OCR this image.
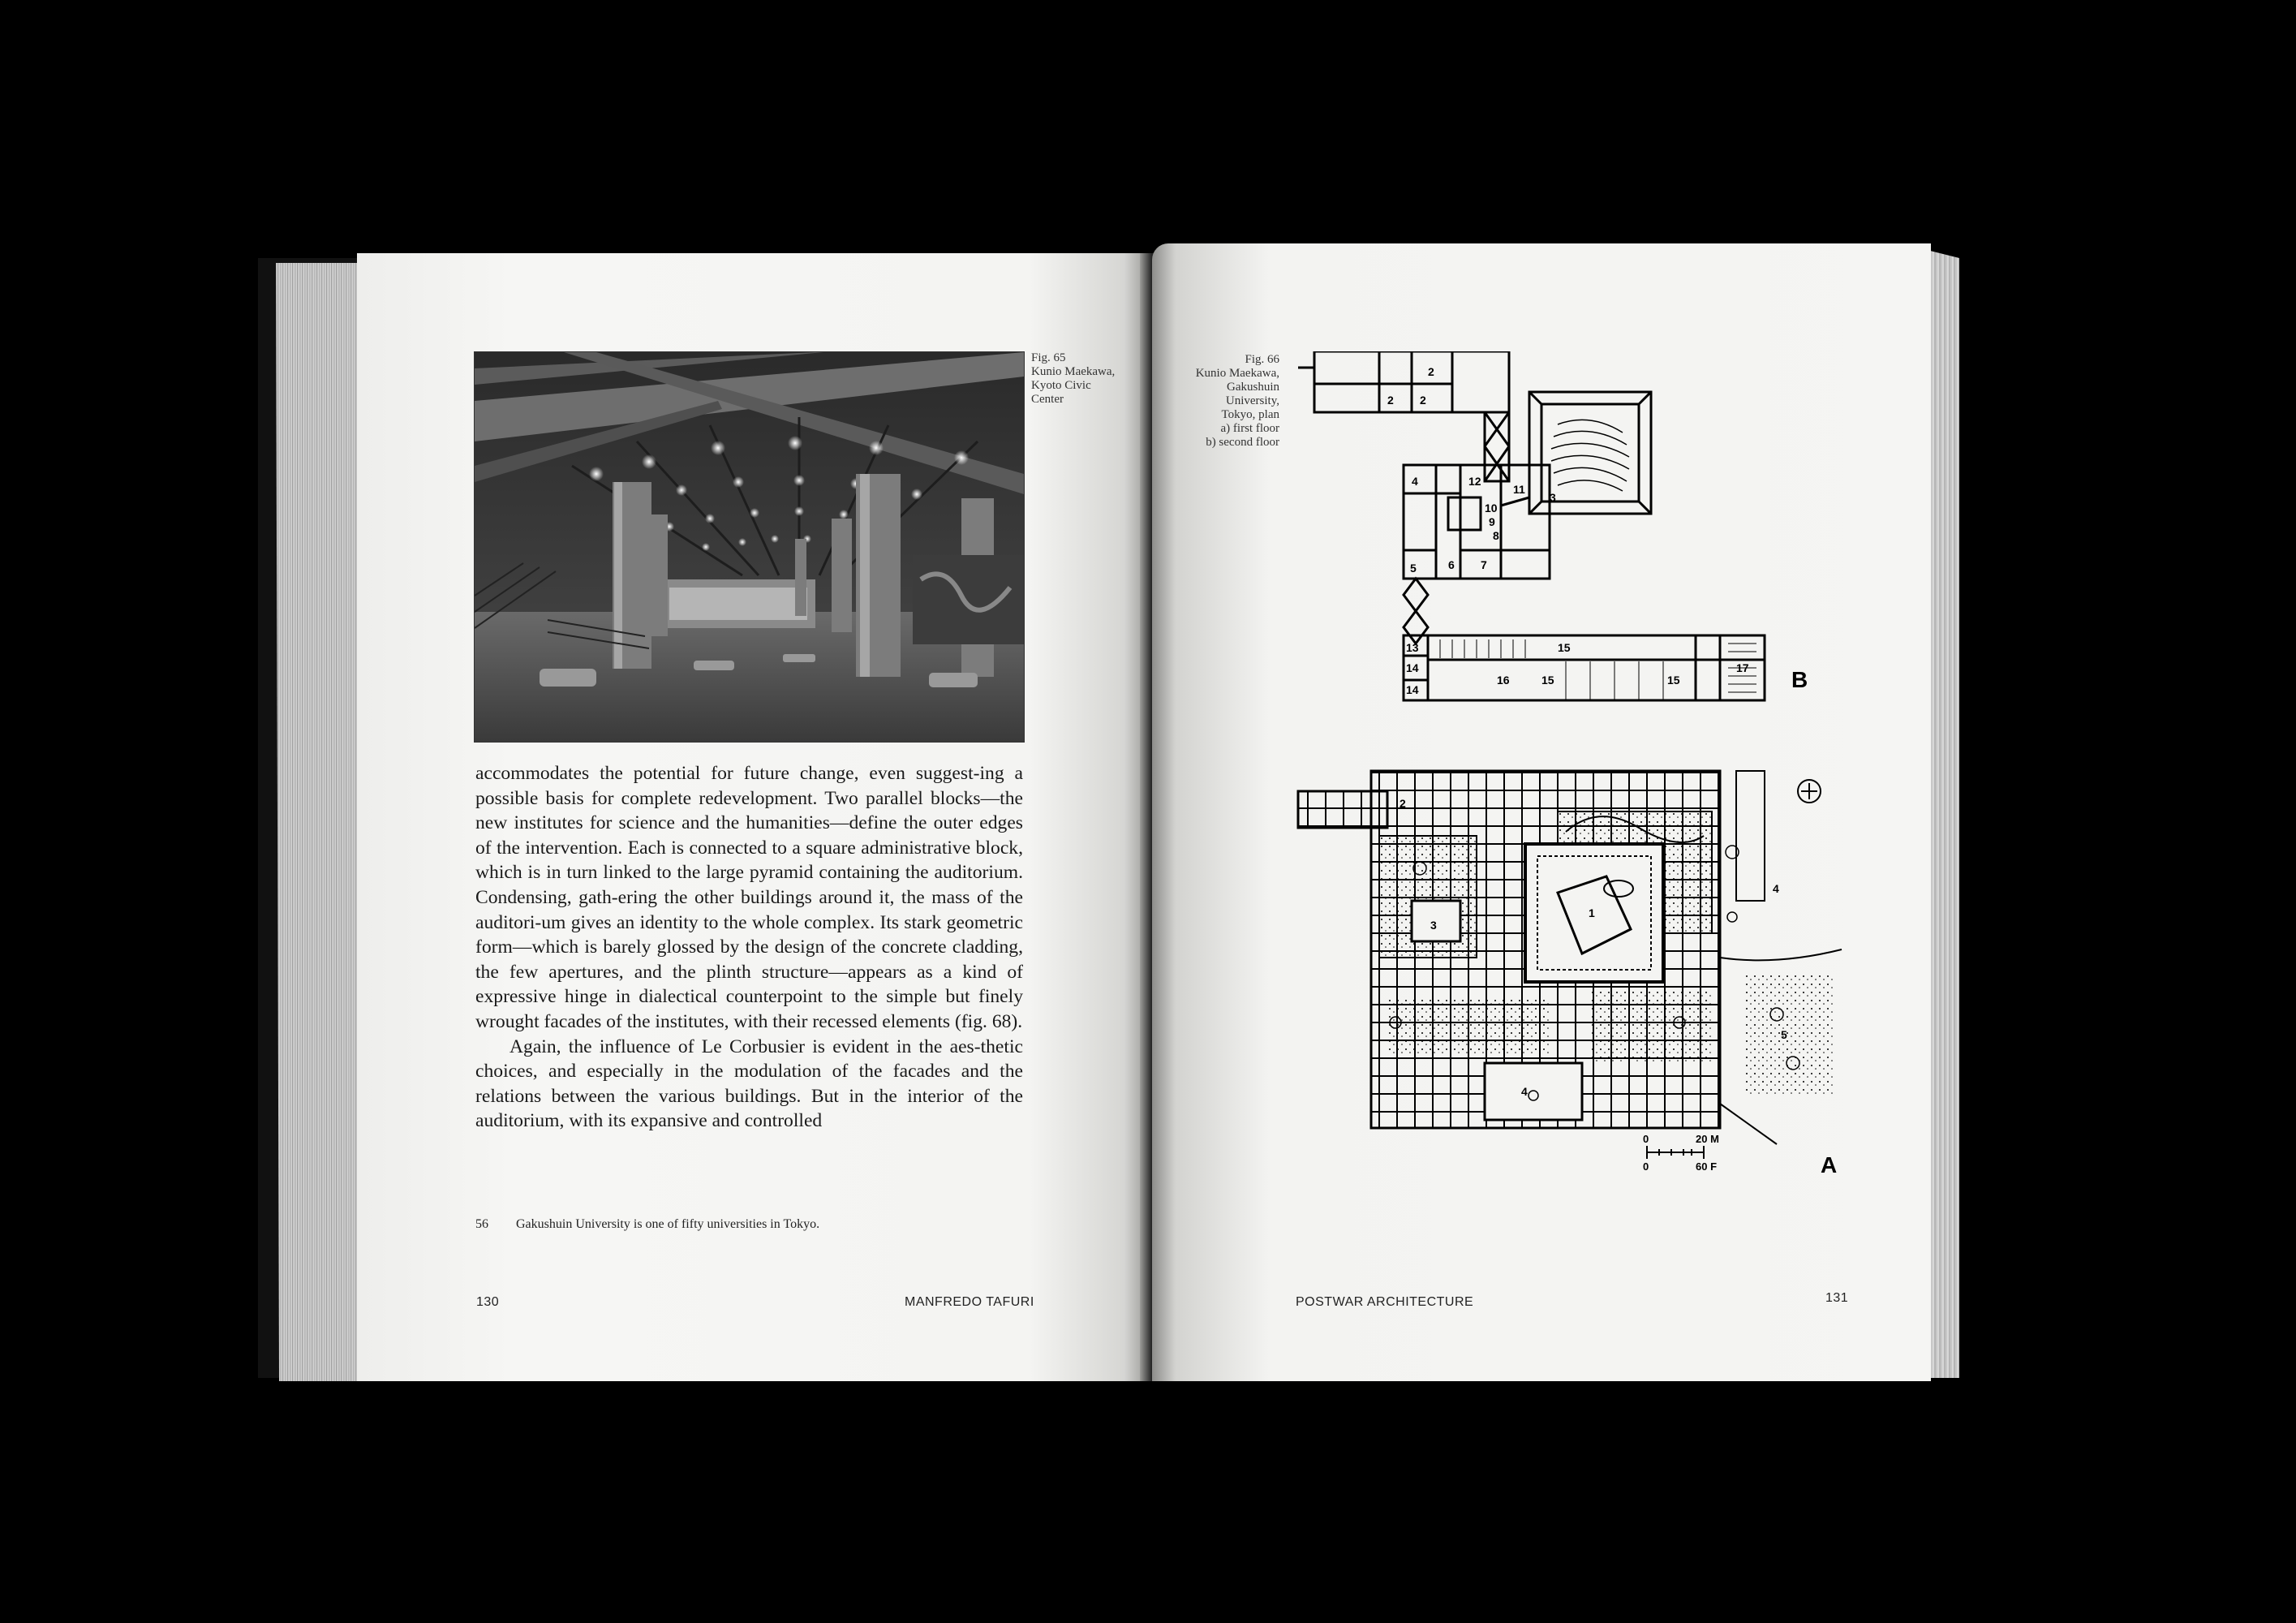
Fig. 65
Kunio Maekawa,
Kyoto Civic
Center

accommodates the potential for future change, even suggest-ing a possible basis for complete redevelopment. Two parallel blocks—the new institutes for science and the humanities—define the outer edges of the intervention. Each is connected to a square administrative block, which is in turn linked to the large pyramid containing the auditorium. Condensing, gath-ering the other buildings around it, the mass of the auditori-um gives an identity to the whole complex. Its stark geometric form—which is barely glossed by the design of the concrete cladding, the few apertures, and the plinth structure—appears as a kind of expressive hinge in dialectical counterpoint to the simple but finely wrought facades of the institutes, with their recessed elements (fig. 68).

Again, the influence of Le Corbusier is evident in the aes-thetic choices, and especially in the modulation of the facades and the relations between the various buildings. But in the interior of the auditorium, with its expansive and controlled

56 Gakushuin University is one of fifty universities in Tokyo.
130	MANFREDO TAFURI
Fig. 66
Kunio Maekawa,
Gakushuin
University,
Tokyo, plan
a) first floor
b) second floor
2
2 2
4	12
11
10
9
8
5	6 7
13
14
14
15
16	15	15
17
3
B
0	20 M
0	60 F
2
1
3
4
4
5
A
POSTWAR ARCHITECTURE	131
